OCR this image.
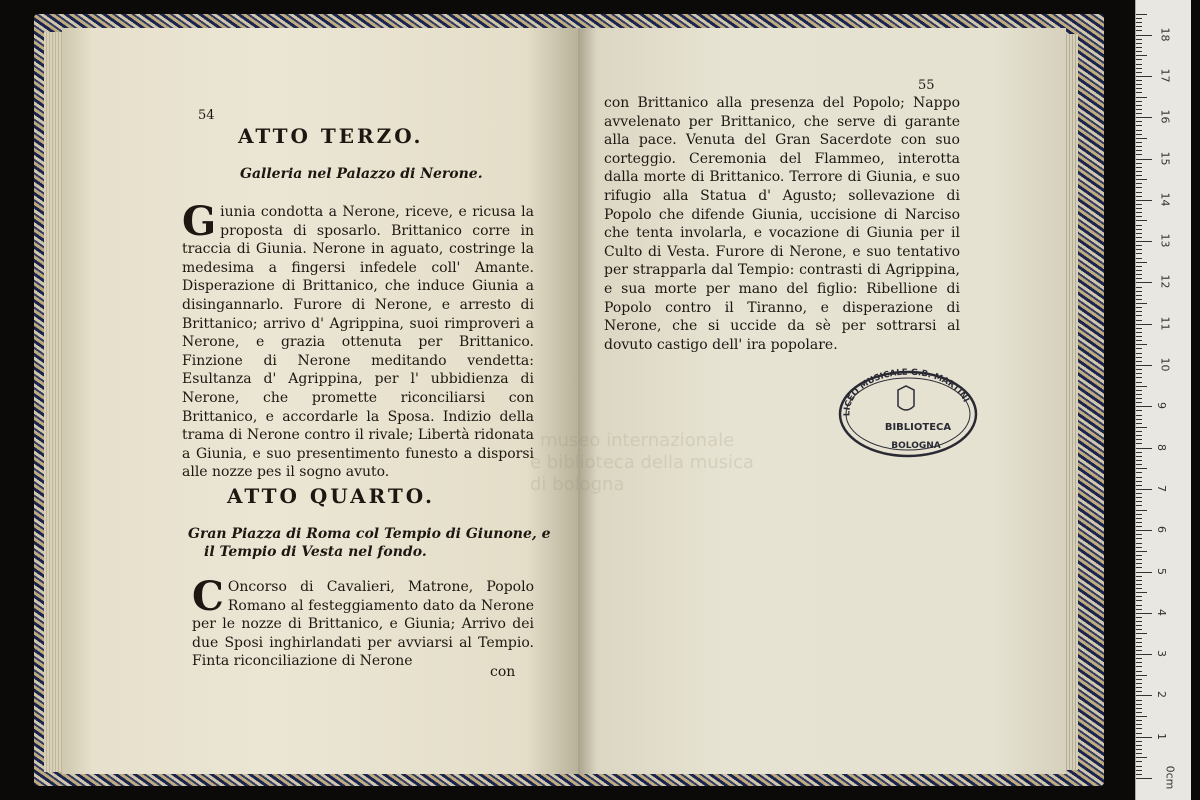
54
ATTO TERZO.
Galleria nel Palazzo di Nerone.

Giunia condotta a Nerone, riceve, e ricusa la proposta di sposarlo. Brittanico corre in traccia di Giunia. Nerone in aguato, costringe la medesima a fingersi infedele coll' Amante. Disperazione di Brittanico, che induce Giunia a disingannarlo. Furore di Nerone, e arresto di Brittanico; arrivo d' Agrippina, suoi rimproveri a Nerone, e grazia ottenuta per Brittanico. Finzione di Nerone meditando vendetta: Esultanza d' Agrippina, per l' ubbidienza di Nerone, che promette riconciliarsi con Brittanico, e accordarle la Sposa. Indizio della trama di Nerone contro il rivale; Libertà ridonata a Giunia, e suo presentimento funesto a disporsi alle nozze pes il sogno avuto.

ATTO QUARTO.
Gran Piazza di Roma col Tempio di Giunone, e
il Tempio di Vesta nel fondo.

C Oncorso di Cavalieri, Matrone, Popolo Romano al festeggiamento dato da Nerone per le nozze di Brittanico, e Giunia; Arrivo dei due Sposi inghirlandati per avviarsi al Tempio. Finta riconciliazione di Nerone

con
55

con Brittanico alla presenza del Popolo; Nappo avvelenato per Brittanico, che serve di garante alla pace. Venuta del Gran Sacerdote con suo corteggio. Ceremonia del Flammeo, interotta dalla morte di Brittanico. Terrore di Giunia, e suo rifugio alla Statua d' Agusto; sollevazione di Popolo che difende Giunia, uccisione di Narciso che tenta involarla, e vocazione di Giunia per il Culto di Vesta. Furore di Nerone, e suo tentativo per strapparla dal Tempio: contrasti di Agrippina, e sua morte per mano del figlio: Ribellione di Popolo contro il Tiranno, e disperazione di Nerone, che si uccide da sè per sottrarsi al dovuto castigo dell' ira popolare.

LICEO MUSICALE G.B. MARTINI
BIBLIOTECA
BOLOGNA
museo internazionale
e biblioteca della musica
di bologna
0cm
1
2
3
4
5
6
7
8
9
10
11
12
13
14
15
16
17
18
